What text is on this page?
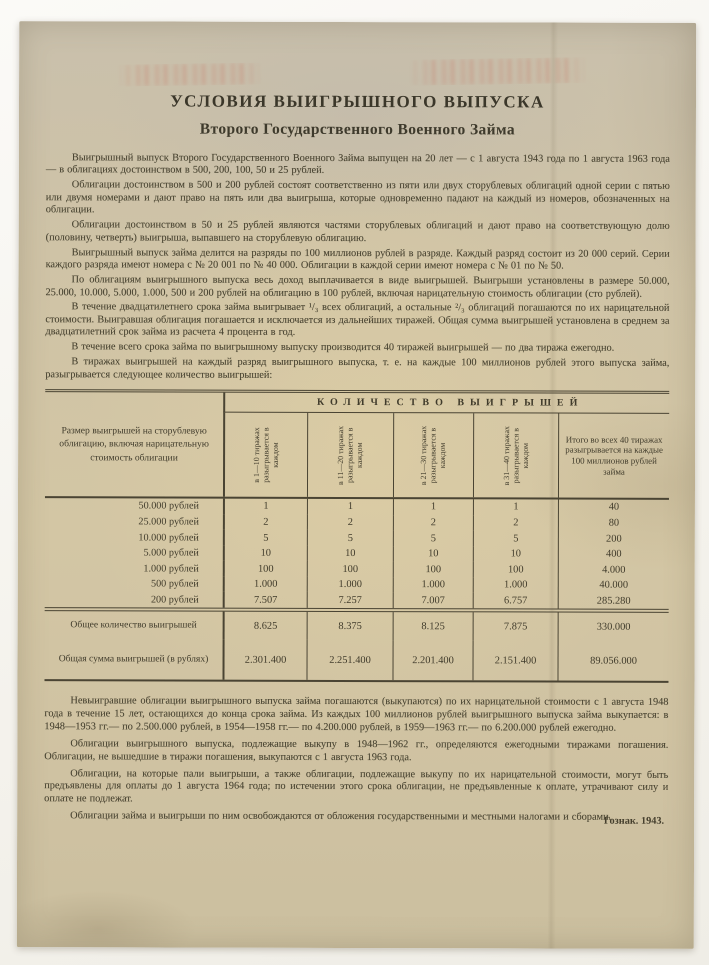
УСЛОВИЯ ВЫИГРЫШНОГО ВЫПУСКА
Второго Государственного Военного Займа

Выигрышный выпуск Второго Государственного Военного Займа выпущен на 20 лет — с 1 августа 1943 года по 1 августа 1963 года — в облигациях достоинством в 500, 200, 100, 50 и 25 рублей.

Облигации достоинством в 500 и 200 рублей состоят соответственно из пяти или двух сторублевых облигаций одной серии с пятью или двумя номерами и дают право на пять или два выигрыша, которые одновременно падают на каждый из номеров, обозначенных на облигации.

Облигации достоинством в 50 и 25 рублей являются частями сторублевых облигаций и дают право на соответствующую долю (половину, четверть) выигрыша, выпавшего на сторублевую облигацию.

Выигрышный выпуск займа делится на разряды по 100 миллионов рублей в разряде. Каждый разряд состоит из 20 000 серий. Серии каждого разряда имеют номера с № 20 001 по № 40 000. Облигации в каждой серии имеют номера с № 01 по № 50.

По облигациям выигрышного выпуска весь доход выплачивается в виде выигрышей. Выигрыши установлены в размере 50.000, 25.000, 10.000, 5.000, 1.000, 500 и 200 рублей на облигацию в 100 рублей, включая нарицательную стоимость облигации (сто рублей).

В течение двадцатилетнего срока займа выигрывает ¹/₃ всех облигаций, а остальные ²/₃ облигаций погашаются по их нарицательной стоимости. Выигравшая облигация погашается и исключается из дальнейших тиражей. Общая сумма выигрышей установлена в среднем за двадцатилетний срок займа из расчета 4 процента в год.

В течение всего срока займа по выигрышному выпуску производится 40 тиражей выигрышей — по два тиража ежегодно.

В тиражах выигрышей на каждый разряд выигрышного выпуска, т. е. на каждые 100 миллионов рублей этого выпуска займа, разыгрывается следующее количество выигрышей:

Размер выигрышей на сторублевую облигацию, включая нарицательную стоимость облигации
КОЛИЧЕСТВО ВЫИГРЫШЕЙ
в 1—10 тиражах разыгрывается в каждом	в 11—20 тиражах разыгрывается в каждом	в 21—30 тиражах разыгрывается в каждом	в 31—40 тиражах разыгрывается в каждом
Итого во всех 40 тиражах разыгрывается на каждые 100 миллионов рублей займа
50.000 рублей	1	1	1	1	40
25.000 рублей	2	2	2	2	80
10.000 рублей	5	5	5	5	200
5.000 рублей	10	10	10	10	400
1.000 рублей	100	100	100	100	4.000
500 рублей	1.000	1.000	1.000	1.000	40.000
200 рублей	7.507	7.257	7.007	6.757	285.280
Общее количество выигрышей	8.625	8.375	8.125	7.875	330.000
Общая сумма выигрышей (в рублях)	2.301.400	2.251.400	2.201.400	2.151.400	89.056.000

Невыигравшие облигации выигрышного выпуска займа погашаются (выкупаются) по их нарицательной стоимости с 1 августа 1948 года в течение 15 лет, остающихся до конца срока займа. Из каждых 100 миллионов рублей выигрышного выпуска займа выкупается: в 1948—1953 гг.— по 2.500.000 рублей, в 1954—1958 гг.— по 4.200.000 рублей, в 1959—1963 гг.— по 6.200.000 рублей ежегодно.

Облигации выигрышного выпуска, подлежащие выкупу в 1948—1962 гг., определяются ежегодными тиражами погашения. Облигации, не вышедшие в тиражи погашения, выкупаются с 1 августа 1963 года.

Облигации, на которые пали выигрыши, а также облигации, подлежащие выкупу по их нарицательной стоимости, могут быть предъявлены для оплаты до 1 августа 1964 года; по истечении этого срока облигации, не предъявленные к оплате, утрачивают силу и оплате не подлежат.

Облигации займа и выигрыши по ним освобождаются от обложения государственными и местными налогами и сборами.

Гознак. 1943.
